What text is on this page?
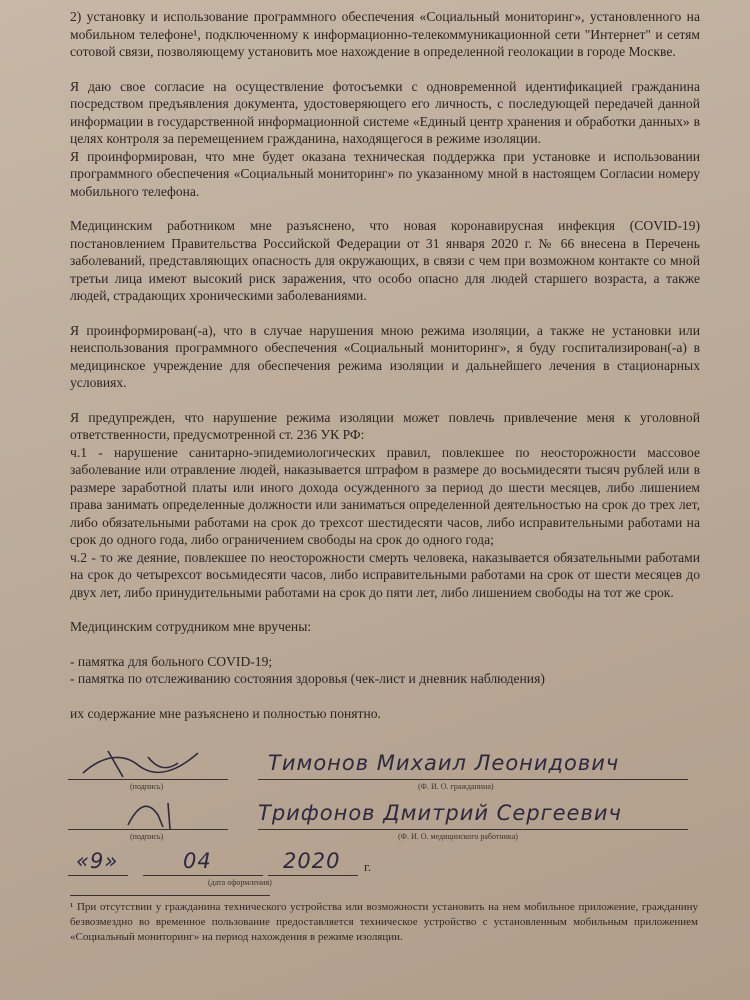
2) установку и использование программного обеспечения «Социальный мониторинг», установленного на мобильном телефоне¹, подключенному к информационно-телекоммуникационной сети "Интернет" и сетям сотовой связи, позволяющему установить мое нахождение в определенной геолокации в городе Москве.

Я даю свое согласие на осуществление фотосъемки с одновременной идентификацией гражданина посредством предъявления документа, удостоверяющего его личность, с последующей передачей данной информации в государственной информационной системе «Единый центр хранения и обработки данных» в целях контроля за перемещением гражданина, находящегося в режиме изоляции.

Я проинформирован, что мне будет оказана техническая поддержка при установке и использовании программного обеспечения «Социальный мониторинг» по указанному мной в настоящем Согласии номеру мобильного телефона.

Медицинским работником мне разъяснено, что новая коронавирусная инфекция (COVID-19) постановлением Правительства Российской Федерации от 31 января 2020 г. № 66 внесена в Перечень заболеваний, представляющих опасность для окружающих, в связи с чем при возможном контакте со мной третьи лица имеют высокий риск заражения, что особо опасно для людей старшего возраста, а также людей, страдающих хроническими заболеваниями.

Я проинформирован(-а), что в случае нарушения мною режима изоляции, а также не установки или неиспользования программного обеспечения «Социальный мониторинг», я буду госпитализирован(-а) в медицинское учреждение для обеспечения режима изоляции и дальнейшего лечения в стационарных условиях.

Я предупрежден, что нарушение режима изоляции может повлечь привлечение меня к уголовной ответственности, предусмотренной ст. 236 УК РФ:

ч.1 - нарушение санитарно-эпидемиологических правил, повлекшее по неосторожности массовое заболевание или отравление людей, наказывается штрафом в размере до восьмидесяти тысяч рублей или в размере заработной платы или иного дохода осужденного за период до шести месяцев, либо лишением права занимать определенные должности или заниматься определенной деятельностью на срок до трех лет, либо обязательными работами на срок до трехсот шестидесяти часов, либо исправительными работами на срок до одного года, либо ограничением свободы на срок до одного года;

ч.2 - то же деяние, повлекшее по неосторожности смерть человека, наказывается обязательными работами на срок до четырехсот восьмидесяти часов, либо исправительными работами на срок от шести месяцев до двух лет, либо принудительными работами на срок до пяти лет, либо лишением свободы на тот же срок.

Медицинским сотрудником мне вручены:

- памятка для больного COVID-19;

- памятка по отслеживанию состояния здоровья (чек-лист и дневник наблюдения)

их содержание мне разъяснено и полностью понятно.

(подпись)
Тимонов Михаил Леонидович
(Ф. И. О. гражданина)
(подпись)
Трифонов Дмитрий Сергеевич
(Ф. И. О. медицинского работника)
«9»	04	2020 г.
(дата оформления)
¹ При отсутствии у гражданина технического устройства или возможности установить на нем мобильное приложение, гражданину безвозмездно во временное пользование предоставляется техническое устройство с установленным мобильным приложением «Социальный мониторинг» на период нахождения в режиме изоляции.
